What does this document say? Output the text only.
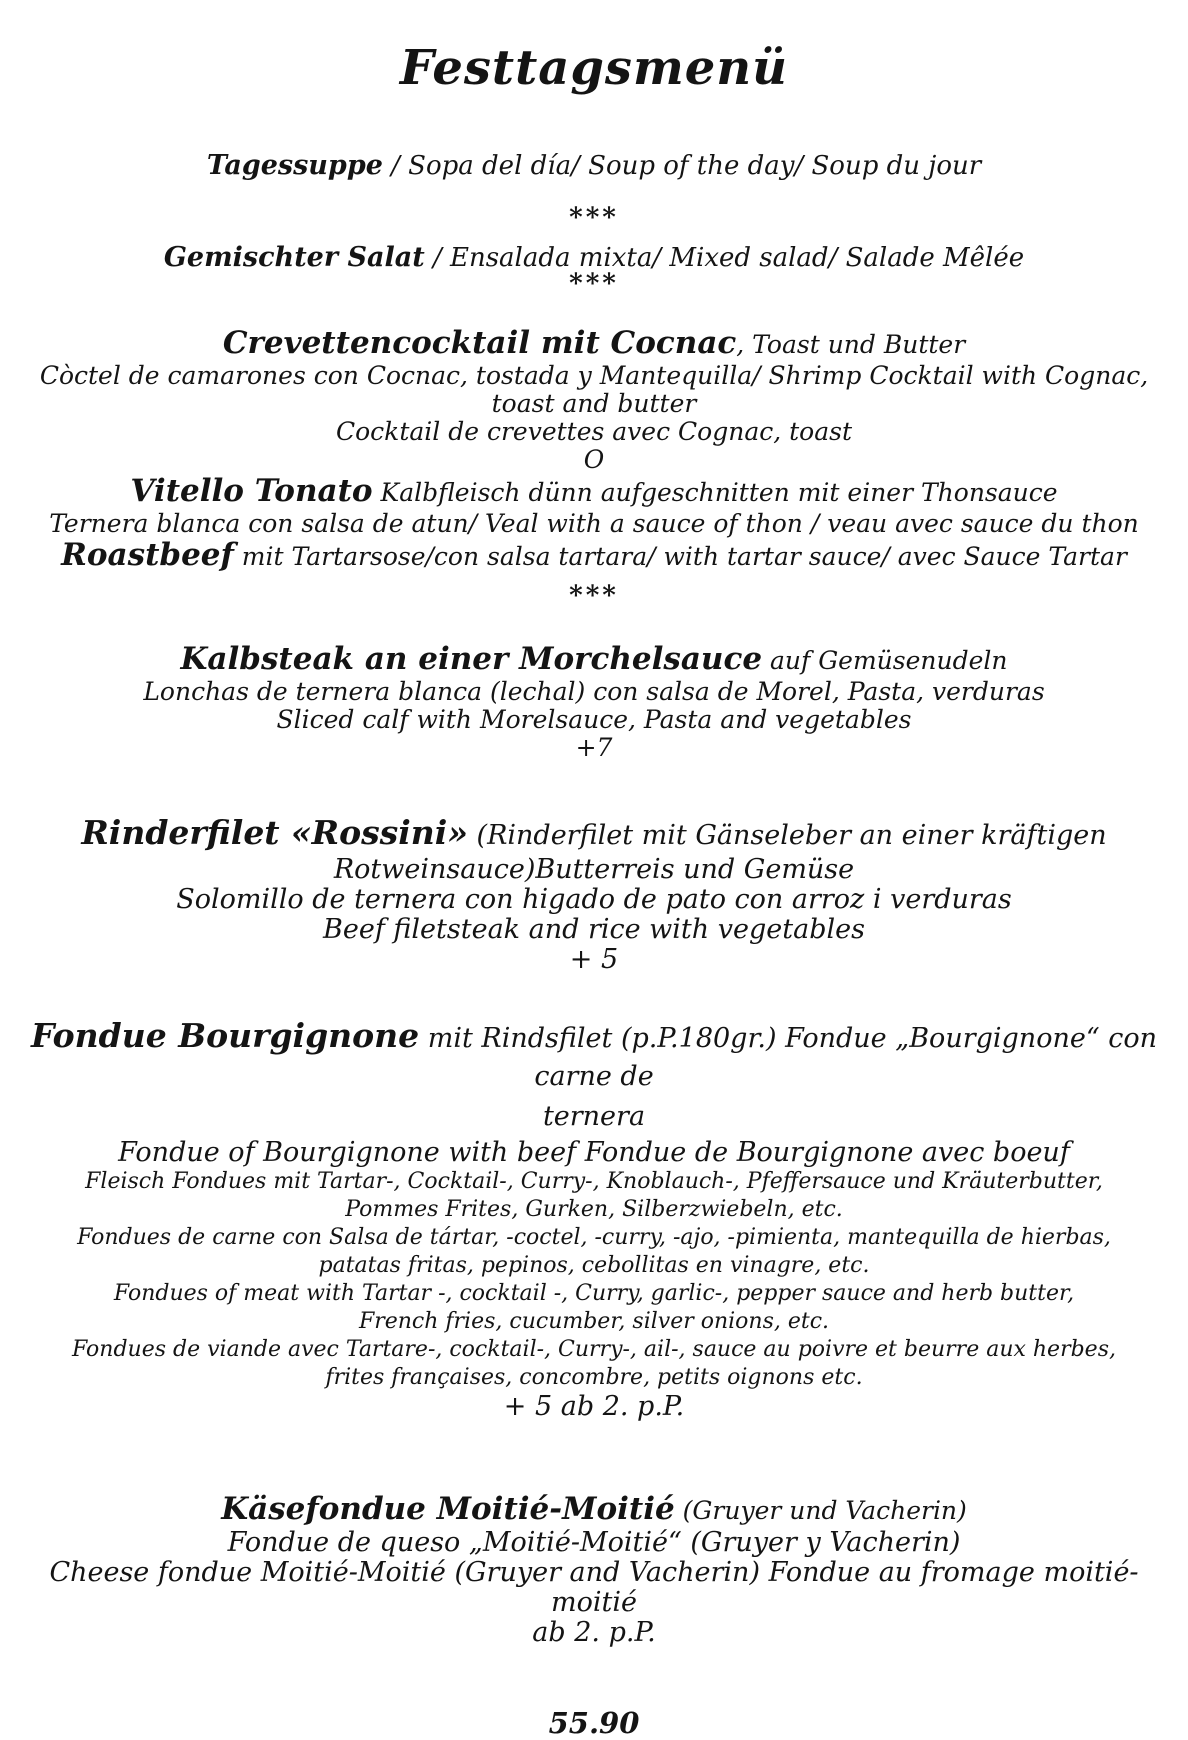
Festtagsmenü
Tagessuppe / Sopa del día/ Soup of the day/ Soup du jour
***
Gemischter Salat / Ensalada mixta/ Mixed salad/ Salade Mêlée
***
Crevettencocktail mit Cocnac, Toast und Butter
Còctel de camarones con Cocnac, tostada y Mantequilla/ Shrimp Cocktail with Cognac, toast and butter
Cocktail de crevettes avec Cognac, toast
O
Vitello Tonato Kalbfleisch dünn aufgeschnitten mit einer Thonsauce
Ternera blanca con salsa de atun/ Veal with a sauce of thon / veau avec sauce du thon
Roastbeef mit Tartarsose/con salsa tartara/ with tartar sauce/ avec Sauce Tartar
***
Kalbsteak an einer Morchelsauce auf Gemüsenudeln
Lonchas de ternera blanca (lechal) con salsa de Morel, Pasta, verduras
Sliced calf with Morelsauce, Pasta and vegetables
+7
Rinderfilet «Rossini» (Rinderfilet mit Gänseleber an einer kräftigen
Rotweinsauce)Butterreis und Gemüse
Solomillo de ternera con higado de pato con arroz i verduras
Beef filetsteak and rice with vegetables
+ 5
Fondue Bourgignone mit Rindsfilet (p.P.180gr.) Fondue „Bourgignone“ con carne de
ternera
Fondue of Bourgignone with beef Fondue de Bourgignone avec boeuf
Fleisch Fondues mit Tartar-, Cocktail-, Curry-, Knoblauch-, Pfeffersauce und Kräuterbutter,
Pommes Frites, Gurken, Silberzwiebeln, etc.
Fondues de carne con Salsa de tártar, -coctel, -curry, -ajo, -pimienta, mantequilla de hierbas,
patatas fritas, pepinos, cebollitas en vinagre, etc.
Fondues of meat with Tartar -, cocktail -, Curry, garlic-, pepper sauce and herb butter,
French fries, cucumber, silver onions, etc.
Fondues de viande avec Tartare-, cocktail-, Curry-, ail-, sauce au poivre et beurre aux herbes,
frites françaises, concombre, petits oignons etc.
+ 5 ab 2. p.P.
Käsefondue Moitié-Moitié (Gruyer und Vacherin)
Fondue de queso „Moitié-Moitié“ (Gruyer y Vacherin)
Cheese fondue Moitié-Moitié (Gruyer and Vacherin) Fondue au fromage moitié-moitié
ab 2. p.P.
55.90
